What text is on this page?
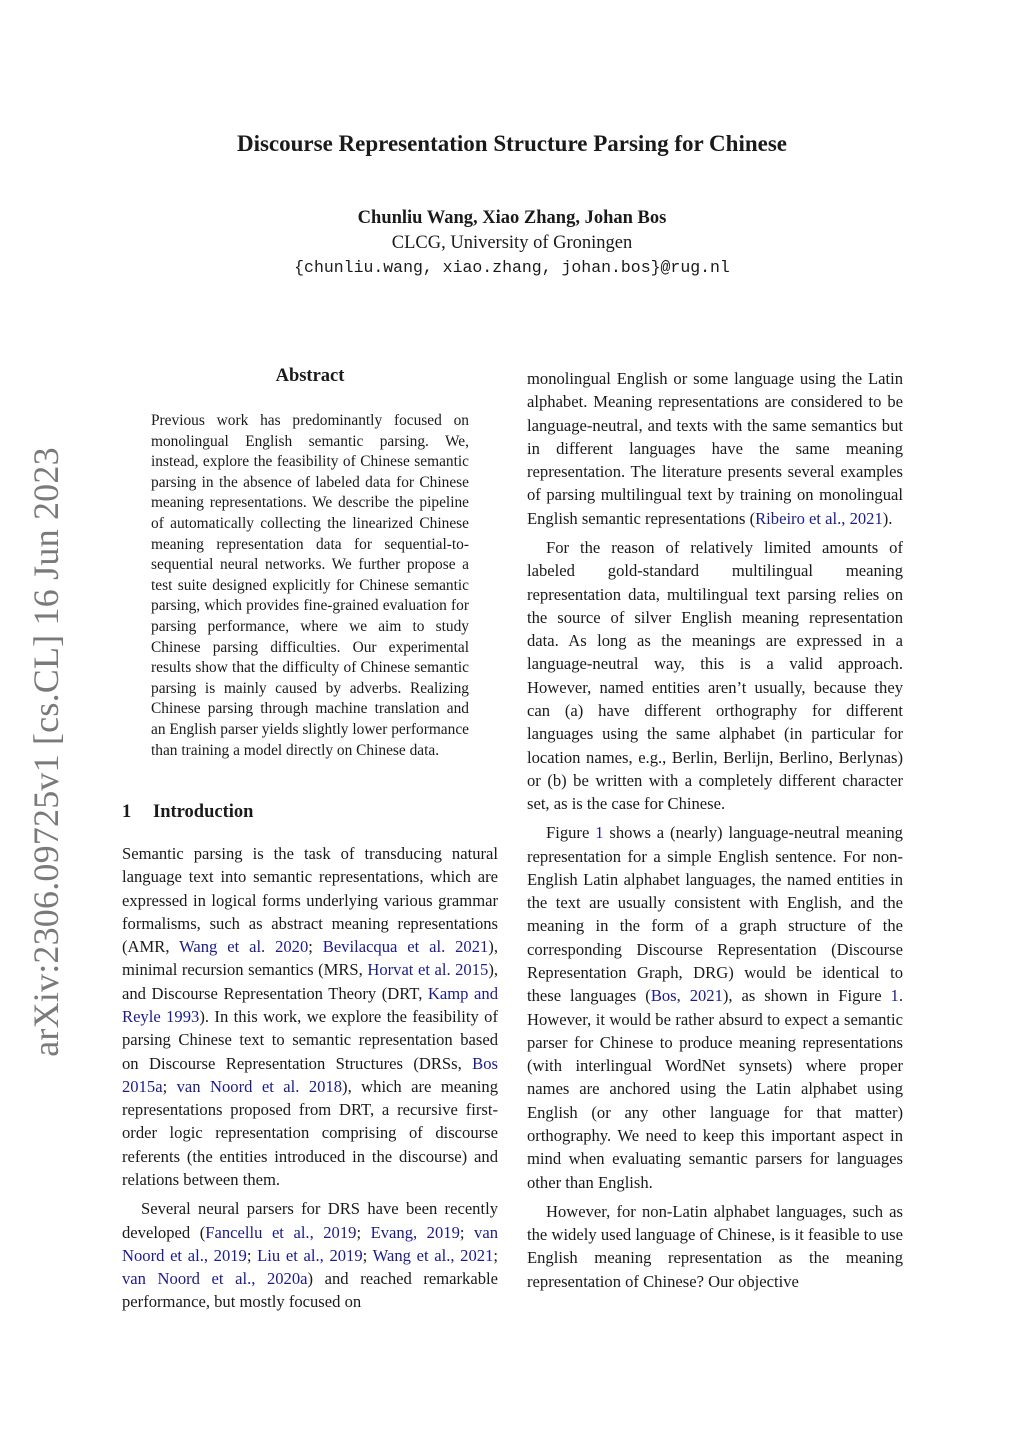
arXiv:2306.09725v1 [cs.CL] 16 Jun 2023
Discourse Representation Structure Parsing for Chinese
Chunliu Wang, Xiao Zhang, Johan Bos
CLCG, University of Groningen
{chunliu.wang, xiao.zhang, johan.bos}@rug.nl
Abstract
Previous work has predominantly focused on monolingual English semantic parsing. We, instead, explore the feasibility of Chinese semantic parsing in the absence of labeled data for Chinese meaning representations. We describe the pipeline of automatically collecting the linearized Chinese meaning representation data for sequential-to-sequential neural networks. We further propose a test suite designed explicitly for Chinese semantic parsing, which provides fine-grained evaluation for parsing performance, where we aim to study Chinese parsing difficulties. Our experimental results show that the difficulty of Chinese semantic parsing is mainly caused by adverbs. Realizing Chinese parsing through machine translation and an English parser yields slightly lower performance than training a model directly on Chinese data.
1 Introduction

Semantic parsing is the task of transducing natural language text into semantic representations, which are expressed in logical forms underlying various grammar formalisms, such as abstract meaning representations (AMR, Wang et al. 2020; Bevilacqua et al. 2021), minimal recursion semantics (MRS, Horvat et al. 2015), and Discourse Representation Theory (DRT, Kamp and Reyle 1993). In this work, we explore the feasibility of parsing Chinese text to semantic representation based on Discourse Representation Structures (DRSs, Bos 2015a; van Noord et al. 2018), which are meaning representations proposed from DRT, a recursive first-order logic representation comprising of discourse referents (the entities introduced in the discourse) and relations between them.

Several neural parsers for DRS have been recently developed (Fancellu et al., 2019; Evang, 2019; van Noord et al., 2019; Liu et al., 2019; Wang et al., 2021; van Noord et al., 2020a) and reached remarkable performance, but mostly focused on

monolingual English or some language using the Latin alphabet. Meaning representations are considered to be language-neutral, and texts with the same semantics but in different languages have the same meaning representation. The literature presents several examples of parsing multilingual text by training on monolingual English semantic representations (Ribeiro et al., 2021).

For the reason of relatively limited amounts of labeled gold-standard multilingual meaning representation data, multilingual text parsing relies on the source of silver English meaning representation data. As long as the meanings are expressed in a language-neutral way, this is a valid approach. However, named entities aren’t usually, because they can (a) have different orthography for different languages using the same alphabet (in particular for location names, e.g., Berlin, Berlijn, Berlino, Berlynas) or (b) be written with a completely different character set, as is the case for Chinese.

Figure 1 shows a (nearly) language-neutral meaning representation for a simple English sentence. For non-English Latin alphabet languages, the named entities in the text are usually consistent with English, and the meaning in the form of a graph structure of the corresponding Discourse Representation (Discourse Representation Graph, DRG) would be identical to these languages (Bos, 2021), as shown in Figure 1. However, it would be rather absurd to expect a semantic parser for Chinese to produce meaning representations (with interlingual WordNet synsets) where proper names are anchored using the Latin alphabet using English (or any other language for that matter) orthography. We need to keep this important aspect in mind when evaluating semantic parsers for languages other than English.

However, for non-Latin alphabet languages, such as the widely used language of Chinese, is it feasible to use English meaning representation as the meaning representation of Chinese? Our objective
